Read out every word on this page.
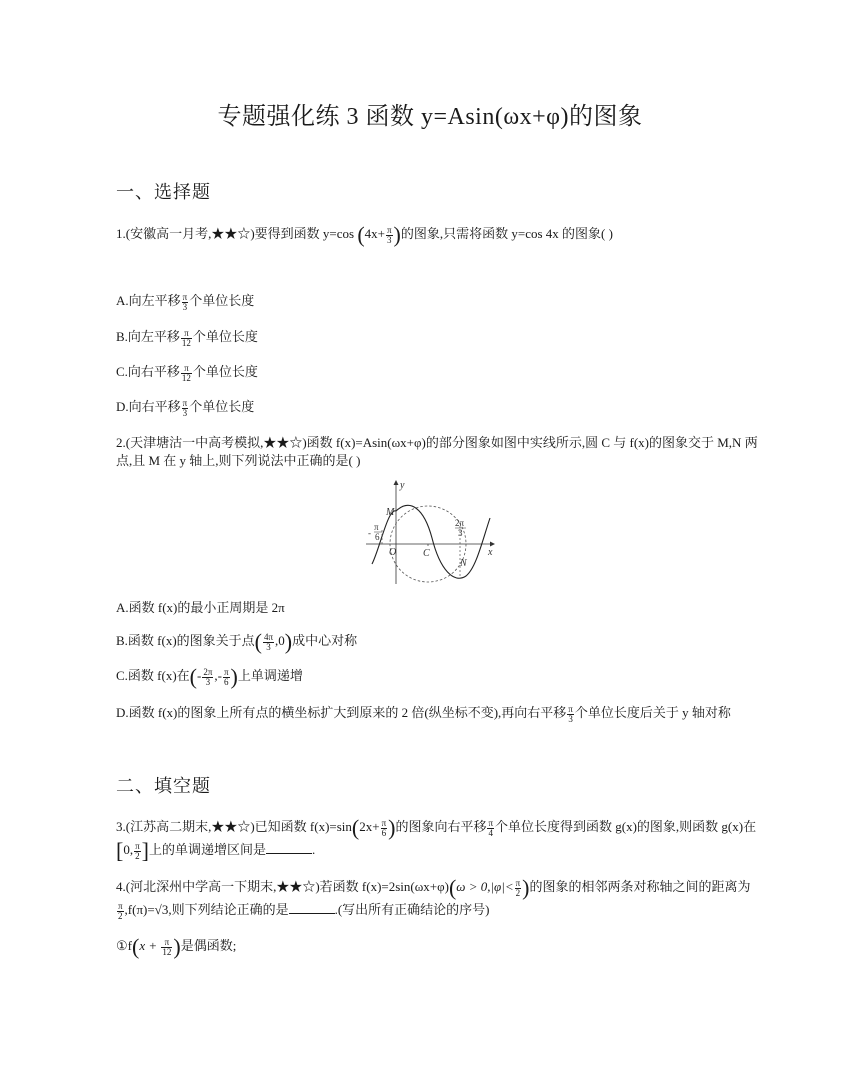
专题强化练 3 函数 y=Asin(ωx+φ)的图象
一、选择题
1.(安徽高一月考,★★☆)要得到函数 y=cos ($4x+ \frac{\pi}{3}$ )的图象,只需将函数 y=cos 4x 的图象( )
A.向左平移 $\frac{\pi}{3}$ 个单位长度
B.向左平移 $\frac{\pi}{12}$ 个单位长度
C.向右平移 $\frac{\pi}{12}$ 个单位长度
D.向右平移 $\frac{\pi}{3}$ 个单位长度
2.(天津塘沽一中高考模拟,★★☆)函数 f(x)=Asin(ωx+φ)的部分图象如图中实线所示,圆 C 与 f(x)的图象交于 M,N 两
点,且 M 在 y 轴上,则下列说法中正确的是( )
y
x
M
N
O	C
-
π
6
2π
3
A.函数 f(x)的最小正周期是 2π
B.函数 f(x)的图象关于点( $\frac{4\pi}{3} ,0$)成中心对称
C.函数 f(x)在(- $\frac{2\pi}{3}$ ,- $\frac{\pi}{6}$ )上单调递增
D.函数 f(x)的图象上所有点的横坐标扩大到原来的 2 倍(纵坐标不变),再向右平移 $\frac{\pi}{3}$ 个单位长度后关于 y 轴对称
二、填空题
3.(江苏高二期末,★★☆)已知函数 $f(x)=\sin(2x+ \frac{\pi}{6}$ )的图象向右平移 $\frac{\pi}{4}$ 个单位长度得到函数 g(x)的图象,则函数 g(x)在
[0, $\frac{\pi}{2}$ ]上的单调递增区间是	.
4.(河北深州中学高一下期末,★★☆)若函数 $f(x)=2\sin(\omega x+\varphi)(\omega > 0,|\varphi|< \frac{\pi}{2}$ )的图象的相邻两条对称轴之间的距离为
$\frac{\pi}{2} ,f(\pi)=√3$,则下列结论正确的是	.(写出所有正确结论的序号)
①f(x + $\frac{\pi}{12}$ )是偶函数;
